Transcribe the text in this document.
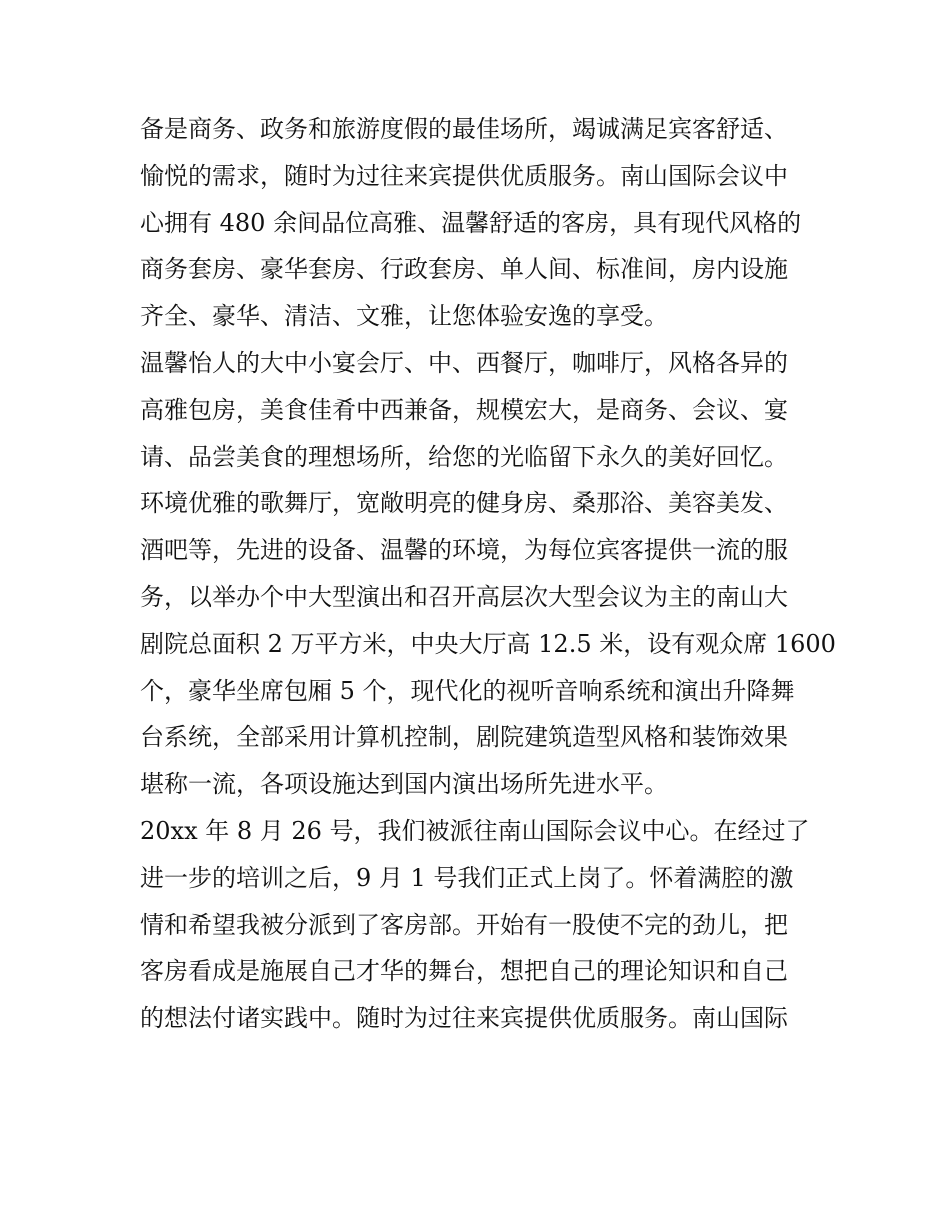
备是商务、政务和旅游度假的最佳场所，竭诚满足宾客舒适、
愉悦的需求，随时为过往来宾提供优质服务。南山国际会议中
心拥有 480 余间品位高雅、温馨舒适的客房，具有现代风格的
商务套房、豪华套房、行政套房、单人间、标准间，房内设施
齐全、豪华、清洁、文雅，让您体验安逸的享受。
温馨怡人的大中小宴会厅、中、西餐厅，咖啡厅，风格各异的
高雅包房，美食佳肴中西兼备，规模宏大，是商务、会议、宴
请、品尝美食的理想场所，给您的光临留下永久的美好回忆。
环境优雅的歌舞厅，宽敞明亮的健身房、桑那浴、美容美发、
酒吧等，先进的设备、温馨的环境，为每位宾客提供一流的服
务，以举办个中大型演出和召开高层次大型会议为主的南山大
剧院总面积 2 万平方米，中央大厅高 12.5 米，设有观众席 1600
个，豪华坐席包厢 5 个，现代化的视听音响系统和演出升降舞
台系统，全部采用计算机控制，剧院建筑造型风格和装饰效果
堪称一流，各项设施达到国内演出场所先进水平。
20xx 年 8 月 26 号，我们被派往南山国际会议中心。在经过了
进一步的培训之后，9 月 1 号我们正式上岗了。怀着满腔的激
情和希望我被分派到了客房部。开始有一股使不完的劲儿，把
客房看成是施展自己才华的舞台，想把自己的理论知识和自己
的想法付诸实践中。随时为过往来宾提供优质服务。南山国际
